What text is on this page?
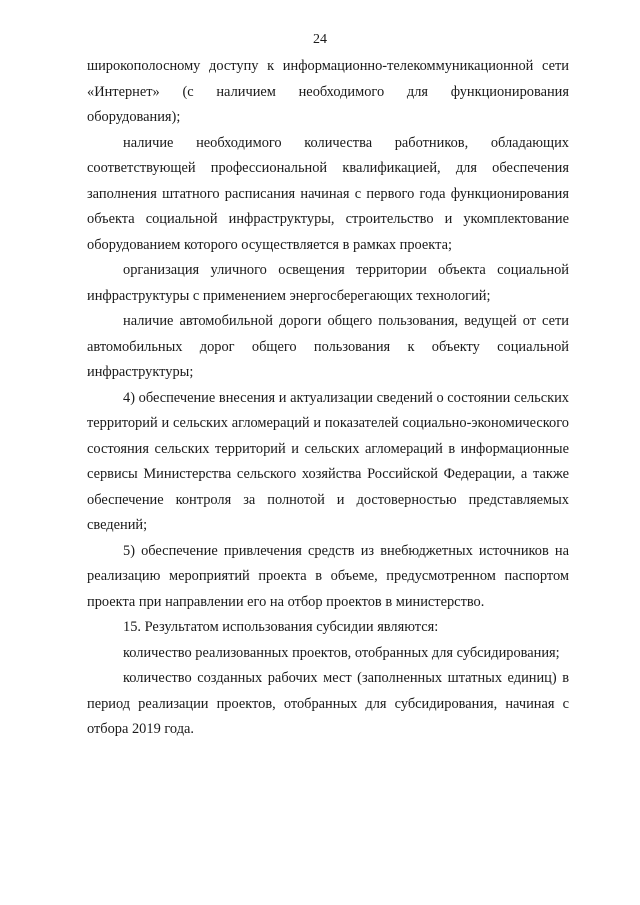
24

широкополосному доступу к информационно-телекоммуникационной сети «Интернет» (с наличием необходимого для функционирования оборудования);

наличие необходимого количества работников, обладающих соответствующей профессиональной квалификацией, для обеспечения заполнения штатного расписания начиная с первого года функционирования объекта социальной инфраструктуры, строительство и укомплектование оборудованием которого осуществляется в рамках проекта;

организация уличного освещения территории объекта социальной инфраструктуры с применением энергосберегающих технологий;

наличие автомобильной дороги общего пользования, ведущей от сети автомобильных дорог общего пользования к объекту социальной инфраструктуры;

4) обеспечение внесения и актуализации сведений о состоянии сельских территорий и сельских агломераций и показателей социально-экономического состояния сельских территорий и сельских агломераций в информационные сервисы Министерства сельского хозяйства Российской Федерации, а также обеспечение контроля за полнотой и достоверностью представляемых сведений;

5) обеспечение привлечения средств из внебюджетных источников на реализацию мероприятий проекта в объеме, предусмотренном паспортом проекта при направлении его на отбор проектов в министерство.

15. Результатом использования субсидии являются:

количество реализованных проектов, отобранных для субсидирования;

количество созданных рабочих мест (заполненных штатных единиц) в период реализации проектов, отобранных для субсидирования, начиная с отбора 2019 года.
